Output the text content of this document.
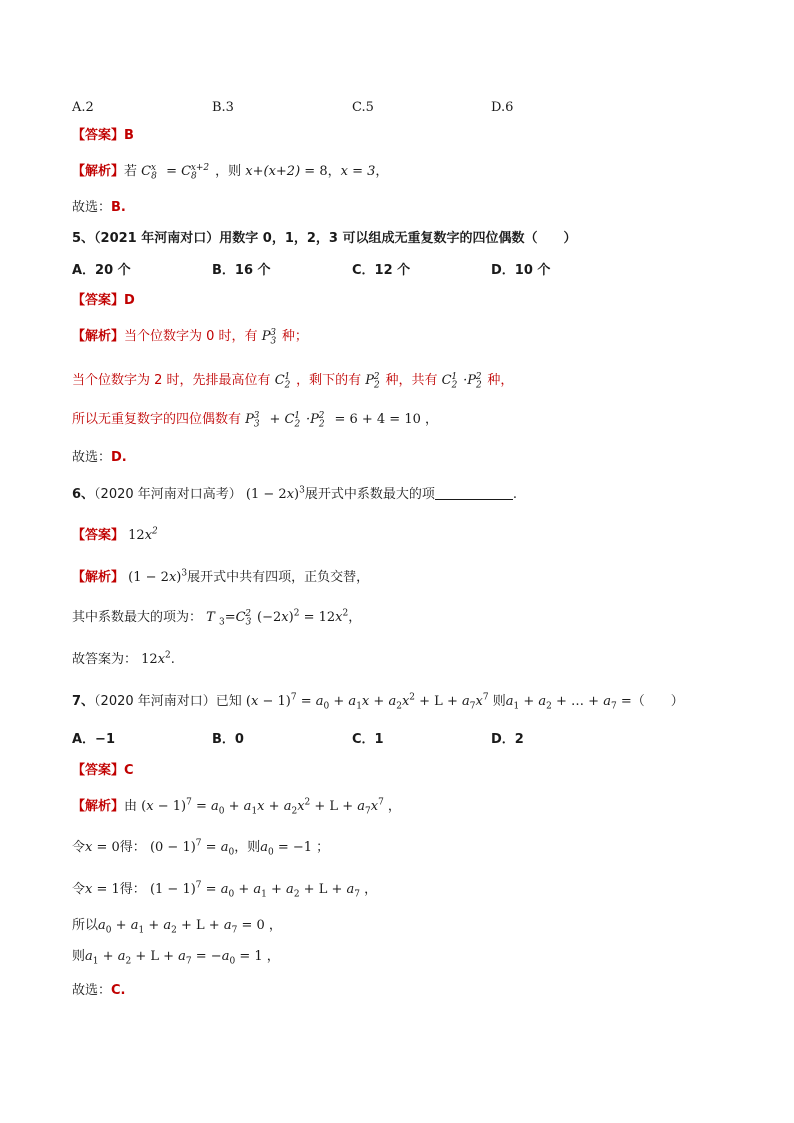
A.2	B.3	C.5	D.6
【答案】B
【解析】若 $C_8^x = C_8^{x+2}$ ，则 x+(x+2) = 8，x = 3，
故选：B.
5、（2021 年河南对口）用数字 0，1，2，3 可以组成无重复数字的四位偶数（　　）
A．20 个	B．16 个	C．12 个	D．10 个
【答案】D
【解析】当个位数字为 0 时，有 $P_3^3$ 种；
当个位数字为 2 时，先排最高位有 $C_2^1$ ，剩下的有 $P_2^2$ 种，共有 $C_2^1 \cdot P_2^2$ 种，
所以无重复数字的四位偶数有 $P_3^3 + C_2^1 \cdot P_2^2 = 6 + 4 = 10$ ，
故选：D.
6、（2020 年河南对口高考） $(1 - 2x)^3$展开式中系数最大的项	.
【答案】 $12x^2$
【解析】 $(1 - 2x)^3$展开式中共有四项，正负交替，
其中系数最大的项为： T $_3=C_3^2$ $(-2x)^2 = 12x^2$，
故答案为： $12x^2$.
7、（2020 年河南对口）已知 $(x - 1)^7 = a_0 + a_1x + a_2x^2 + L + a_7x^7$ 则$a_1 + a_2$ + … + $a_7$ =（　　）
A．−1	B．0	C．1	D．2
【答案】C
【解析】由 $(x - 1)^7 = a_0 + a_1x + a_2x^2 + L + a_7x^7$ ，
令x = 0得： $(0 - 1)^7 = a_0$，则$a_0 = -1$ ；
令x = 1得： $(1 - 1)^7 = a_0 + a_1 + a_2 + L + a_7$ ，
所以$a_0 + a_1 + a_2 + L + a_7 = 0$ ，
则$a_1 + a_2 + L + a_7 = -a_0 = 1$ ，
故选：C.
